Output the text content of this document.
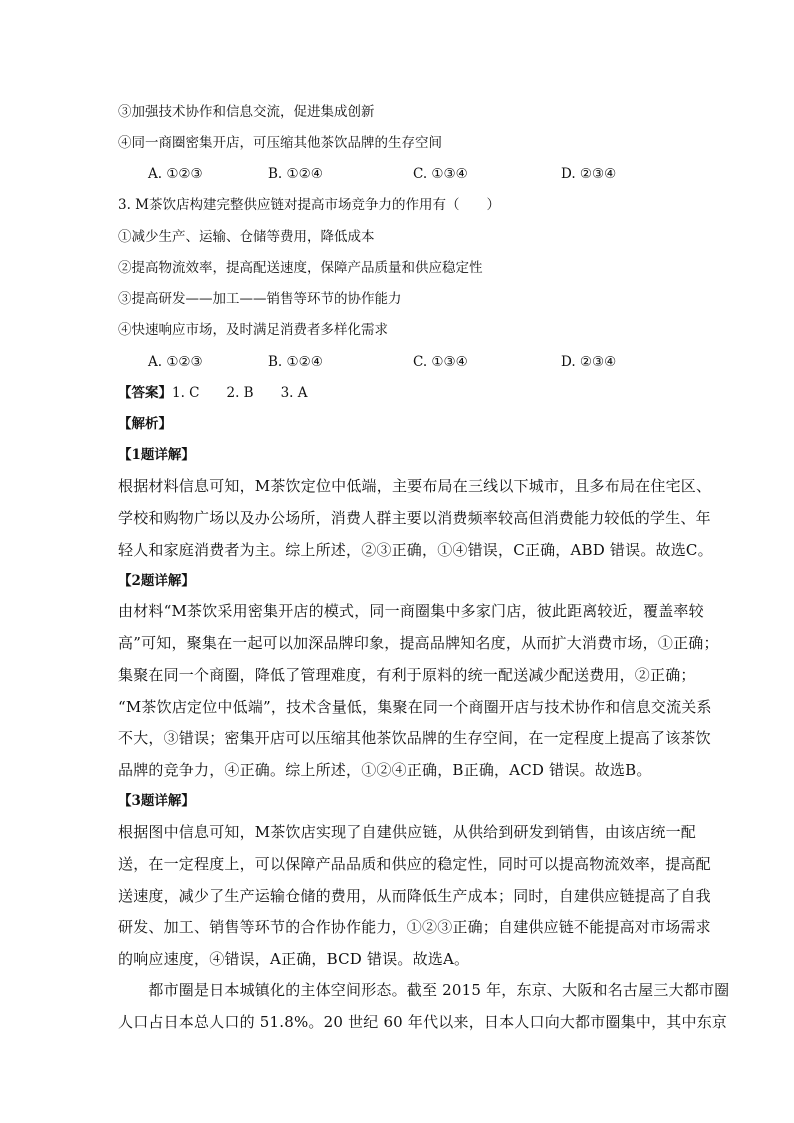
③加强技术协作和信息交流，促进集成创新
④同一商圈密集开店，可压缩其他茶饮品牌的生存空间
A. ①②③	B. ①②④	C. ①③④	D. ②③④
3. M茶饮店构建完整供应链对提高市场竞争力的作用有（　　）
①减少生产、运输、仓储等费用，降低成本
②提高物流效率，提高配送速度，保障产品质量和供应稳定性
③提高研发——加工——销售等环节的协作能力
④快速响应市场，及时满足消费者多样化需求
A. ①②③	B. ①②④	C. ①③④	D. ②③④
【答案】1. C　　2. B　　3. A
【解析】
【1题详解】
根据材料信息可知，M茶饮定位中低端，主要布局在三线以下城市，且多布局在住宅区、
学校和购物广场以及办公场所，消费人群主要以消费频率较高但消费能力较低的学生、年
轻人和家庭消费者为主。综上所述，②③正确，①④错误，C正确，ABD 错误。故选C。
【2题详解】
由材料“M茶饮采用密集开店的模式，同一商圈集中多家门店，彼此距离较近，覆盖率较
高”可知，聚集在一起可以加深品牌印象，提高品牌知名度，从而扩大消费市场，①正确；
集聚在同一个商圈，降低了管理难度，有利于原料的统一配送减少配送费用，②正确；
“M茶饮店定位中低端”，技术含量低，集聚在同一个商圈开店与技术协作和信息交流关系
不大，③错误；密集开店可以压缩其他茶饮品牌的生存空间，在一定程度上提高了该茶饮
品牌的竞争力，④正确。综上所述，①②④正确，B正确，ACD 错误。故选B。
【3题详解】
根据图中信息可知，M茶饮店实现了自建供应链，从供给到研发到销售，由该店统一配
送，在一定程度上，可以保障产品品质和供应的稳定性，同时可以提高物流效率，提高配
送速度，减少了生产运输仓储的费用，从而降低生产成本；同时，自建供应链提高了自我
研发、加工、销售等环节的合作协作能力，①②③正确；自建供应链不能提高对市场需求
的响应速度，④错误，A正确，BCD 错误。故选A。
　　都市圈是日本城镇化的主体空间形态。截至 2015 年，东京、大阪和名古屋三大都市圈
人口占日本总人口的 51.8%。20 世纪 60 年代以来，日本人口向大都市圈集中，其中东京
